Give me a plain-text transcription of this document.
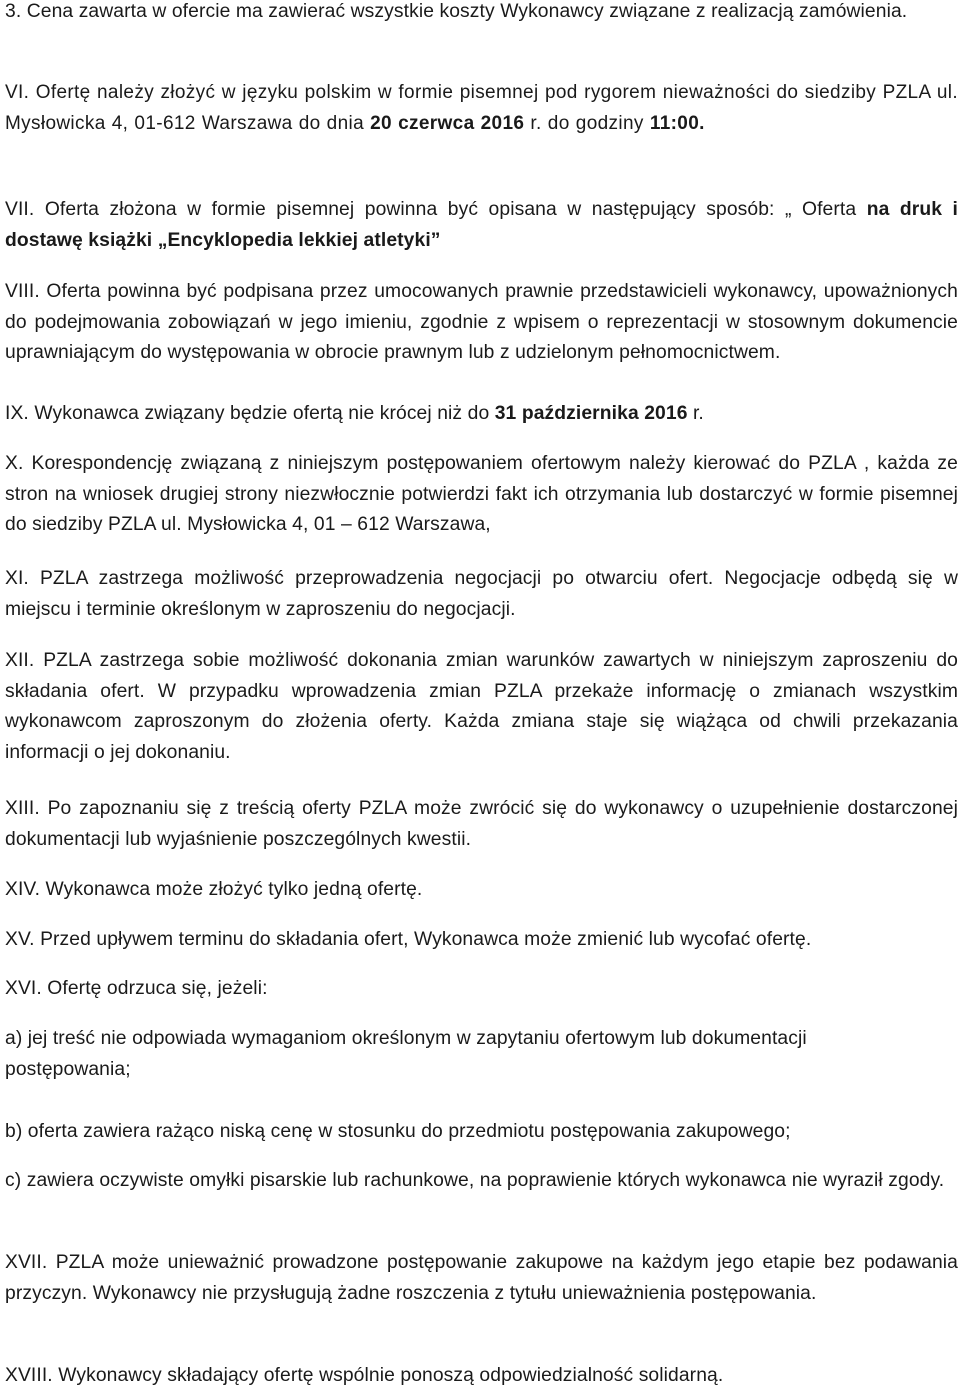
3. Cena zawarta w ofercie ma zawierać wszystkie koszty Wykonawcy związane z realizacją zamówienia.

VI. Ofertę należy złożyć w języku polskim w formie pisemnej pod rygorem nieważności do siedziby PZLA ul. Mysłowicka 4, 01-612 Warszawa do dnia 20 czerwca 2016 r. do godziny 11:00.

VII. Oferta złożona w formie pisemnej powinna być opisana w następujący sposób: „ Oferta na druk i dostawę książki „Encyklopedia lekkiej atletyki”

VIII. Oferta powinna być podpisana przez umocowanych prawnie przedstawicieli wykonawcy, upoważnionych do podejmowania zobowiązań w jego imieniu, zgodnie z wpisem o reprezentacji w stosownym dokumencie uprawniającym do występowania w obrocie prawnym lub z udzielonym pełnomocnictwem.

IX. Wykonawca związany będzie ofertą nie krócej niż do 31 października 2016 r.

X. Korespondencję związaną z niniejszym postępowaniem ofertowym należy kierować do PZLA , każda ze stron na wniosek drugiej strony niezwłocznie potwierdzi fakt ich otrzymania lub dostarczyć w formie pisemnej do siedziby PZLA ul. Mysłowicka 4, 01 – 612 Warszawa,

XI. PZLA zastrzega możliwość przeprowadzenia negocjacji po otwarciu ofert. Negocjacje odbędą się w miejscu i terminie określonym w zaproszeniu do negocjacji.

XII. PZLA zastrzega sobie możliwość dokonania zmian warunków zawartych w niniejszym zaproszeniu do składania ofert. W przypadku wprowadzenia zmian PZLA przekaże informację o zmianach wszystkim wykonawcom zaproszonym do złożenia oferty. Każda zmiana staje się wiążąca od chwili przekazania informacji o jej dokonaniu.

XIII. Po zapoznaniu się z treścią oferty PZLA może zwrócić się do wykonawcy o uzupełnienie dostarczonej dokumentacji lub wyjaśnienie poszczególnych kwestii.

XIV. Wykonawca może złożyć tylko jedną ofertę.

XV. Przed upływem terminu do składania ofert, Wykonawca może zmienić lub wycofać ofertę.

XVI. Ofertę odrzuca się, jeżeli:

a) jej treść nie odpowiada wymaganiom określonym w zapytaniu ofertowym lub dokumentacji postępowania;

b) oferta zawiera rażąco niską cenę w stosunku do przedmiotu postępowania zakupowego;

c) zawiera oczywiste omyłki pisarskie lub rachunkowe, na poprawienie których wykonawca nie wyraził zgody.

XVII. PZLA może unieważnić prowadzone postępowanie zakupowe na każdym jego etapie bez podawania przyczyn. Wykonawcy nie przysługują żadne roszczenia z tytułu unieważnienia postępowania.

XVIII. Wykonawcy składający ofertę wspólnie ponoszą odpowiedzialność solidarną.
